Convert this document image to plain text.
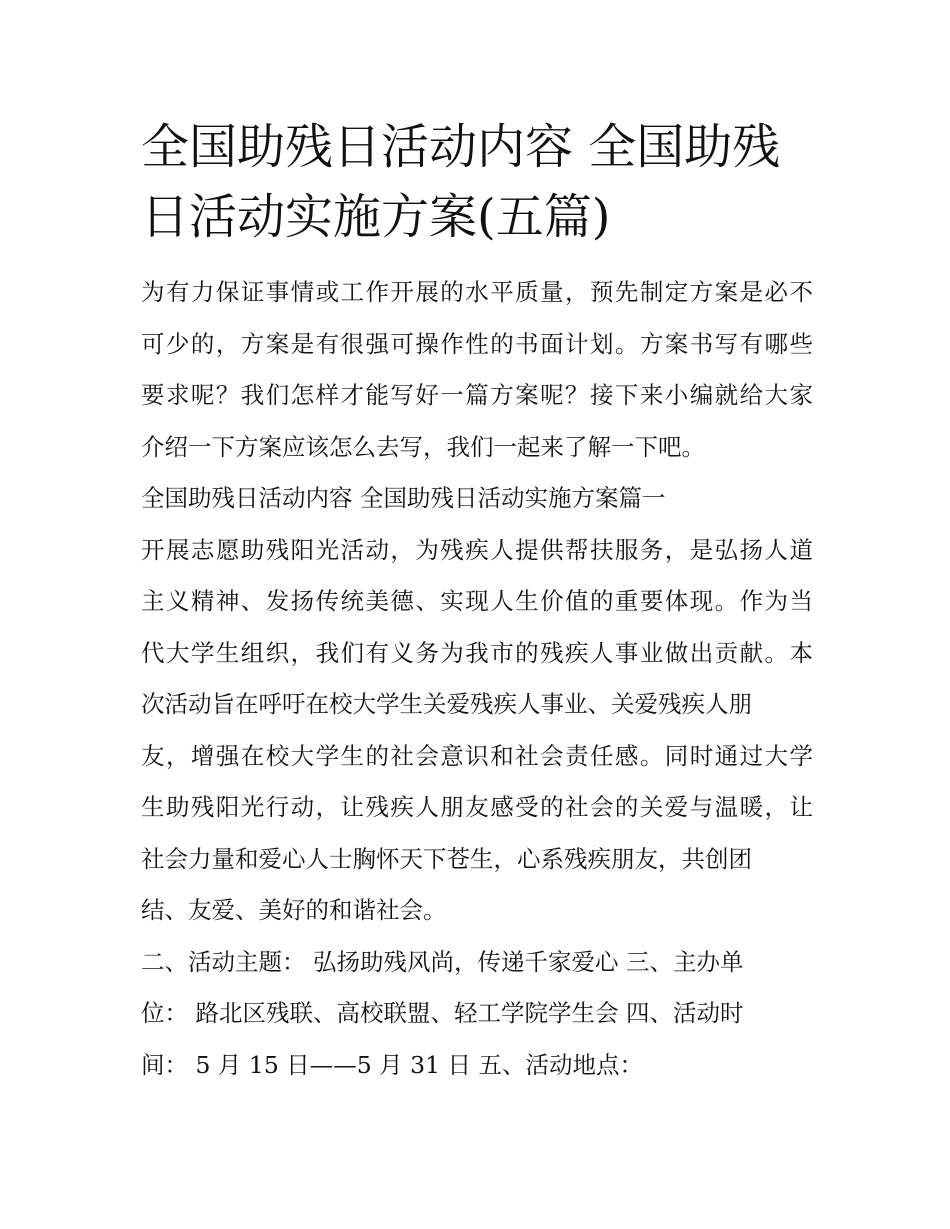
全国助残日活动内容 全国助残
日活动实施方案(五篇)
为有力保证事情或工作开展的水平质量，预先制定方案是必不
可少的，方案是有很强可操作性的书面计划。方案书写有哪些
要求呢？我们怎样才能写好一篇方案呢？接下来小编就给大家
介绍一下方案应该怎么去写，我们一起来了解一下吧。
全国助残日活动内容 全国助残日活动实施方案篇一
开展志愿助残阳光活动，为残疾人提供帮扶服务，是弘扬人道
主义精神、发扬传统美德、实现人生价值的重要体现。作为当
代大学生组织，我们有义务为我市的残疾人事业做出贡献。本
次活动旨在呼吁在校大学生关爱残疾人事业、关爱残疾人朋
友，增强在校大学生的社会意识和社会责任感。同时通过大学
生助残阳光行动，让残疾人朋友感受的社会的关爱与温暖，让
社会力量和爱心人士胸怀天下苍生，心系残疾朋友，共创团
结、友爱、美好的和谐社会。
二、活动主题： 弘扬助残风尚，传递千家爱心 三、主办单
位： 路北区残联、高校联盟、轻工学院学生会 四、活动时
间： 5 月 15 日——5 月 31 日 五、活动地点：
